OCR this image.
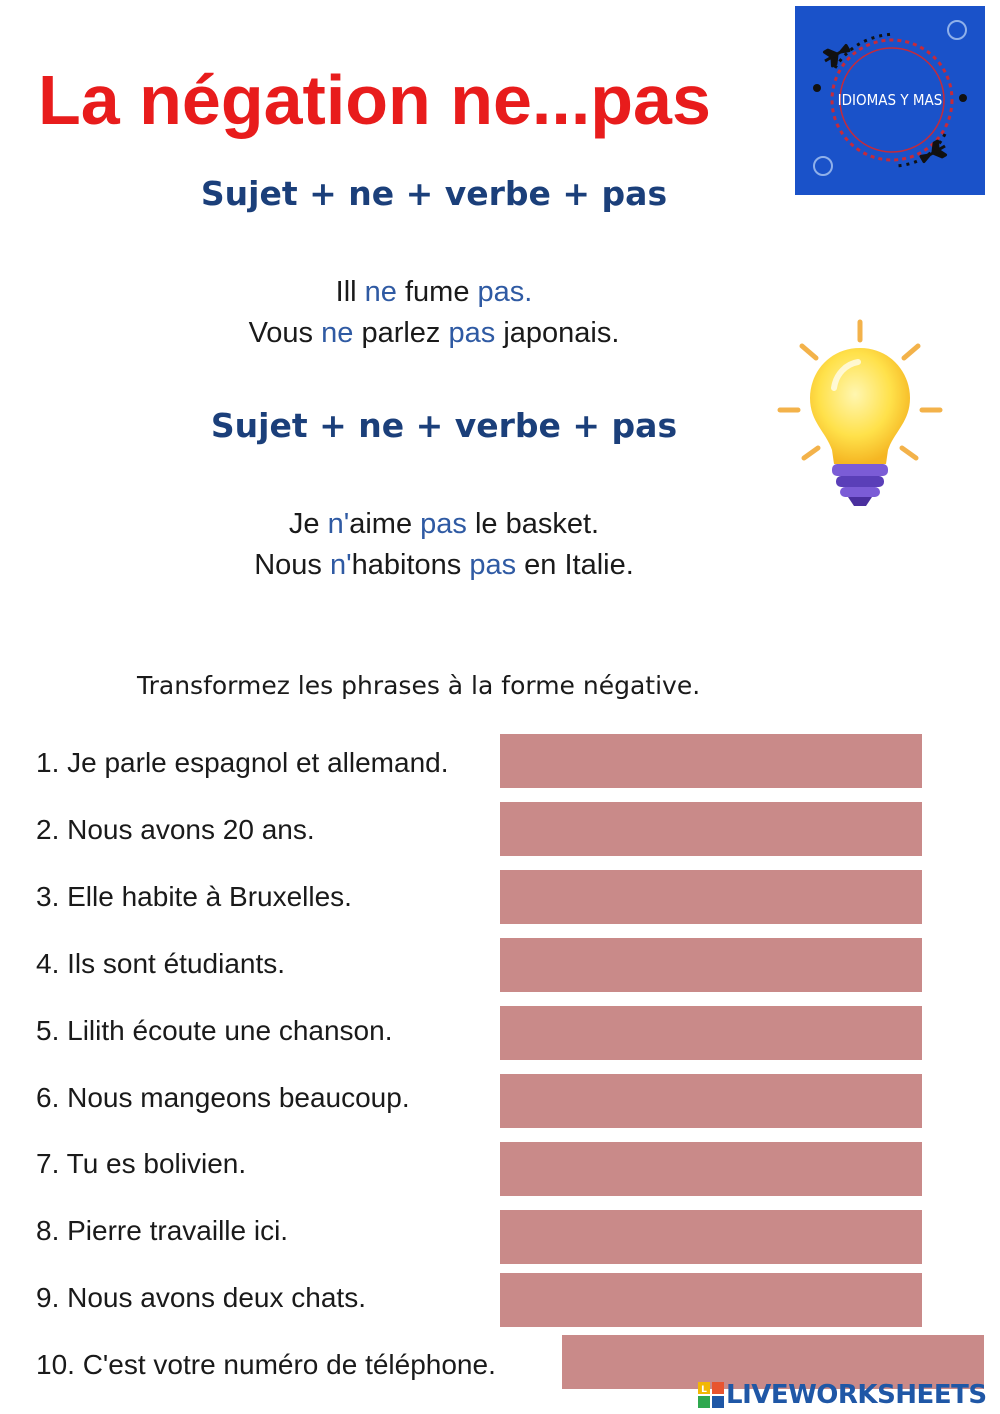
La négation ne...pas	IDIOMAS Y MAS
Sujet + ne + verbe + pas
Ill ne fume pas.
Vous ne parlez pas japonais.
Sujet + ne + verbe + pas
Je n'aime pas le basket.
Nous n'habitons pas en Italie.

Transformez les phrases à la forme négative.

1. Je parle espagnol et allemand.
2. Nous avons 20 ans.
3. Elle habite à Bruxelles.
4. Ils sont étudiants.
5. Lilith écoute une chanson.
6. Nous mangeons beaucoup.
7. Tu es bolivien.
8. Pierre travaille ici.
9. Nous avons deux chats.
10. C'est votre numéro de téléphone.
L LIVEWORKSHEETS
